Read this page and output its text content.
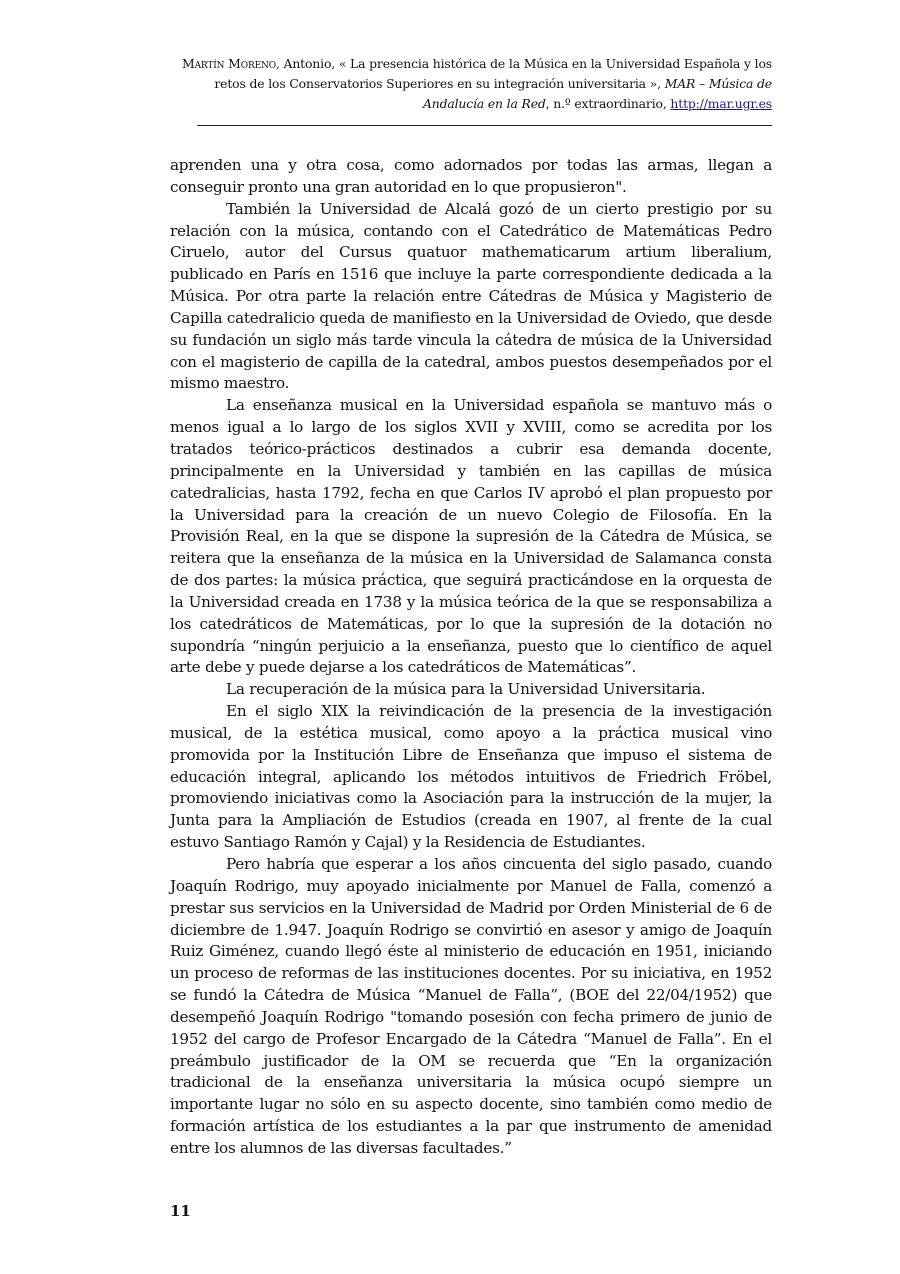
Martín Moreno, Antonio, « La presencia histórica de la Música en la Universidad Española y los retos de los Conservatorios Superiores en su integración universitaria », MAR – Música de Andalucía en la Red, n.º extraordinario, http://mar.ugr.es

aprenden una y otra cosa, como adornados por todas las armas, llegan a conseguir pronto una gran autoridad en lo que propusieron".

También la Universidad de Alcalá gozó de un cierto prestigio por su relación con la música, contando con el Catedrático de Matemáticas Pedro Ciruelo, autor del Cursus quatuor mathematicarum artium liberalium, publicado en París en 1516 que incluye la parte correspondiente dedicada a la Música. Por otra parte la relación entre Cátedras de Música y Magisterio de Capilla catedralicio queda de manifiesto en la Universidad de Oviedo, que desde su fundación un siglo más tarde vincula la cátedra de música de la Universidad con el magisterio de capilla de la catedral, ambos puestos desempeñados por el mismo maestro.

La enseñanza musical en la Universidad española se mantuvo más o menos igual a lo largo de los siglos XVII y XVIII, como se acredita por los tratados teórico-prácticos destinados a cubrir esa demanda docente, principalmente en la Universidad y también en las capillas de música catedralicias, hasta 1792, fecha en que Carlos IV aprobó el plan propuesto por la Universidad para la creación de un nuevo Colegio de Filosofía. En la Provisión Real, en la que se dispone la supresión de la Cátedra de Música, se reitera que la enseñanza de la música en la Universidad de Salamanca consta de dos partes: la música práctica, que seguirá practicándose en la orquesta de la Universidad creada en 1738 y la música teórica de la que se responsabiliza a los catedráticos de Matemáticas, por lo que la supresión de la dotación no supondría “ningún perjuicio a la enseñanza, puesto que lo científico de aquel arte debe y puede dejarse a los catedráticos de Matemáticas”.

La recuperación de la música para la Universidad Universitaria.

En el siglo XIX la reivindicación de la presencia de la investigación musical, de la estética musical, como apoyo a la práctica musical vino promovida por la Institución Libre de Enseñanza que impuso el sistema de educación integral, aplicando los métodos intuitivos de Friedrich Fröbel, promoviendo iniciativas como la Asociación para la instrucción de la mujer, la Junta para la Ampliación de Estudios (creada en 1907, al frente de la cual estuvo Santiago Ramón y Cajal) y la Residencia de Estudiantes.

Pero habría que esperar a los años cincuenta del siglo pasado, cuando Joaquín Rodrigo, muy apoyado inicialmente por Manuel de Falla, comenzó a prestar sus servicios en la Universidad de Madrid por Orden Ministerial de 6 de diciembre de 1.947. Joaquín Rodrigo se convirtió en asesor y amigo de Joaquín Ruiz Giménez, cuando llegó éste al ministerio de educación en 1951, iniciando un proceso de reformas de las instituciones docentes. Por su iniciativa, en 1952 se fundó la Cátedra de Música “Manuel de Falla”, (BOE del 22/04/1952) que desempeñó Joaquín Rodrigo "tomando posesión con fecha primero de junio de 1952 del cargo de Profesor Encargado de la Cátedra “Manuel de Falla”. En el preámbulo justificador de la OM se recuerda que “En la organización tradicional de la enseñanza universitaria la música ocupó siempre un importante lugar no sólo en su aspecto docente, sino también como medio de formación artística de los estudiantes a la par que instrumento de amenidad entre los alumnos de las diversas facultades.”

11
